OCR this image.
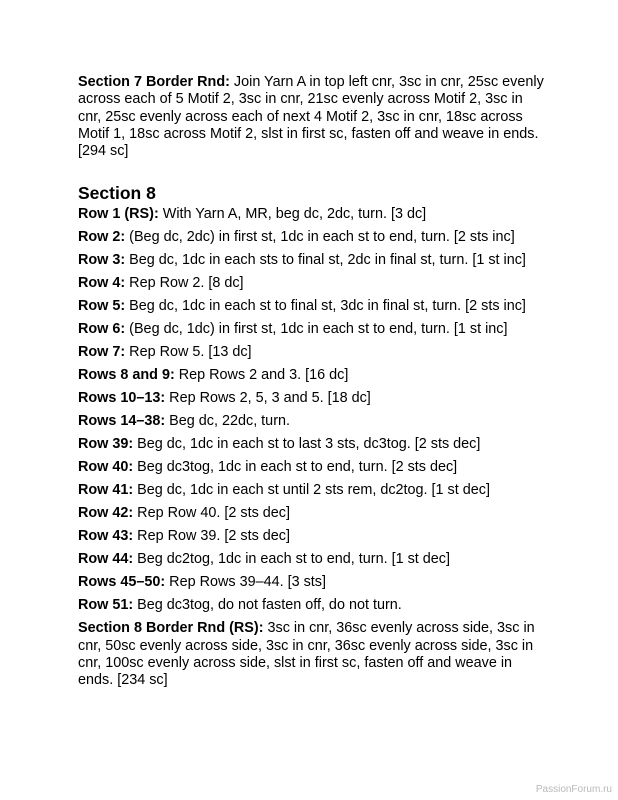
Section 7 Border Rnd: Join Yarn A in top left cnr, 3sc in cnr, 25sc evenly across each of 5 Motif 2, 3sc in cnr, 21sc evenly across Motif 2, 3sc in cnr, 25sc evenly across each of next 4 Motif 2, 3sc in cnr, 18sc across Motif 1, 18sc across Motif 2, slst in first sc, fasten off and weave in ends. [294 sc]

Section 8

Row 1 (RS): With Yarn A, MR, beg dc, 2dc, turn. [3 dc]

Row 2: (Beg dc, 2dc) in first st, 1dc in each st to end, turn. [2 sts inc]

Row 3: Beg dc, 1dc in each sts to final st, 2dc in final st, turn. [1 st inc]

Row 4: Rep Row 2. [8 dc]

Row 5: Beg dc, 1dc in each st to final st, 3dc in final st, turn. [2 sts inc]

Row 6: (Beg dc, 1dc) in first st, 1dc in each st to end, turn. [1 st inc]

Row 7: Rep Row 5. [13 dc]

Rows 8 and 9: Rep Rows 2 and 3. [16 dc]

Rows 10–13: Rep Rows 2, 5, 3 and 5. [18 dc]

Rows 14–38: Beg dc, 22dc, turn.

Row 39: Beg dc, 1dc in each st to last 3 sts, dc3tog. [2 sts dec]

Row 40: Beg dc3tog, 1dc in each st to end, turn. [2 sts dec]

Row 41: Beg dc, 1dc in each st until 2 sts rem, dc2tog. [1 st dec]

Row 42: Rep Row 40. [2 sts dec]

Row 43: Rep Row 39. [2 sts dec]

Row 44: Beg dc2tog, 1dc in each st to end, turn. [1 st dec]

Rows 45–50: Rep Rows 39–44. [3 sts]

Row 51: Beg dc3tog, do not fasten off, do not turn.

Section 8 Border Rnd (RS): 3sc in cnr, 36sc evenly across side, 3sc in cnr, 50sc evenly across side, 3sc in cnr, 36sc evenly across side, 3sc in cnr, 100sc evenly across side, slst in first sc, fasten off and weave in ends. [234 sc]

PassionForum.ru
